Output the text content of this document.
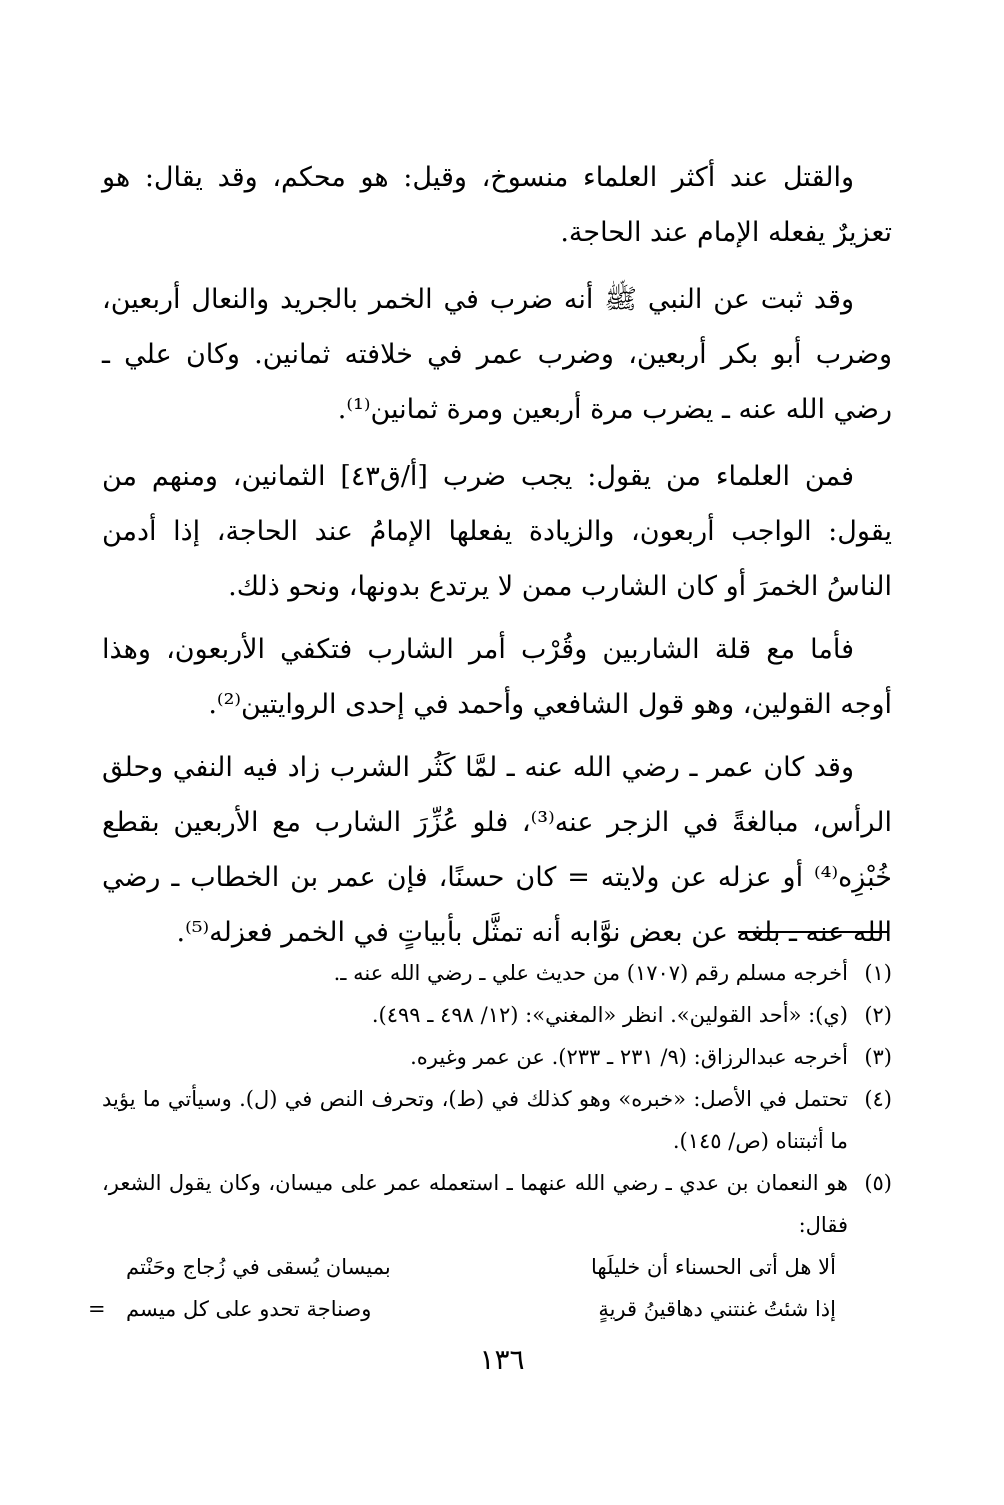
والقتل عند أكثر العلماء منسوخ، وقيل: هو محكم، وقد يقال: هو تعزيرٌ يفعله الإمام عند الحاجة.

وقد ثبت عن النبي ﷺ أنه ضرب في الخمر بالجريد والنعال أربعين، وضرب أبو بكر أربعين، وضرب عمر في خلافته ثمانين. وكان علي ـ رضي الله عنه ـ يضرب مرة أربعين ومرة ثمانين⁽¹⁾.

فمن العلماء من يقول: يجب ضرب [أ/ق٤٣] الثمانين، ومنهم من يقول: الواجب أربعون، والزيادة يفعلها الإمامُ عند الحاجة، إذا أدمن الناسُ الخمرَ أو كان الشارب ممن لا يرتدع بدونها، ونحو ذلك.

فأما مع قلة الشاربين وقُرْب أمر الشارب فتكفي الأربعون، وهذا أوجه القولين، وهو قول الشافعي وأحمد في إحدى الروايتين⁽²⁾.

وقد كان عمر ـ رضي الله عنه ـ لمَّا كَثُر الشرب زاد فيه النفي وحلق الرأس، مبالغةً في الزجر عنه⁽³⁾، فلو عُزِّرَ الشارب مع الأربعين بقطع خُبْزِه⁽⁴⁾ أو عزله عن ولايته = كان حسنًا، فإن عمر بن الخطاب ـ رضي الله عنه ـ بلغه عن بعض نوَّابه أنه تمثَّل بأبياتٍ في الخمر فعزله⁽⁵⁾.

(١)
أخرجه مسلم رقم (١٧٠٧) من حديث علي ـ رضي الله عنه ـ.
(٢)
(ي): «أحد القولين». انظر «المغني»: (١٢/ ٤٩٨ ـ ٤٩٩).
(٣)
أخرجه عبدالرزاق: (٩/ ٢٣١ ـ ٢٣٣). عن عمر وغيره.
(٤)
تحتمل في الأصل: «خبره» وهو كذلك في (ط)، وتحرف النص في (ل). وسيأتي ما يؤيد ما أثبتناه (ص/ ١٤٥).
(٥)
هو النعمان بن عدي ـ رضي الله عنهما ـ استعمله عمر على ميسان، وكان يقول الشعر، فقال:
ألا هل أتى الحسناء أن خليلَها
بميسان يُسقى في زُجاج وحَنْتم
إذا شئتُ غنتني دهاقينُ قريةٍ
وصناجة تحدو على كل ميسم
=
١٣٦
